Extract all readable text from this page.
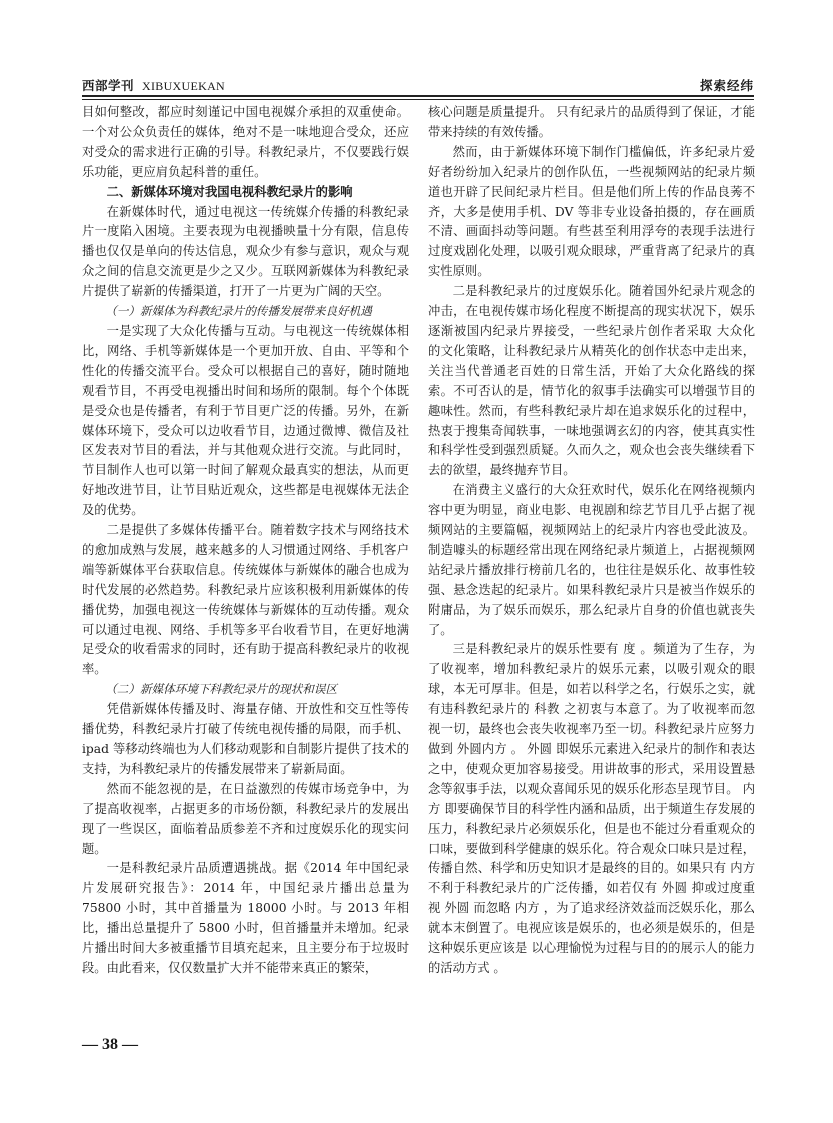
西部学刊 XIBUXUEKAN	探索经纬

目如何整改，都应时刻谨记中国电视媒介承担的双重使命。一个对公众负责任的媒体，绝对不是一味地迎合受众，还应对受众的需求进行正确的引导。科教纪录片，不仅要践行娱乐功能，更应肩负起科普的重任。

二、新媒体环境对我国电视科教纪录片的影响

在新媒体时代，通过电视这一传统媒介传播的科教纪录片一度陷入困境。主要表现为电视播映量十分有限，信息传播也仅仅是单向的传达信息，观众少有参与意识，观众与观众之间的信息交流更是少之又少。互联网新媒体为科教纪录片提供了崭新的传播渠道，打开了一片更为广阔的天空。

（一）新媒体为科教纪录片的传播发展带来良好机遇

一是实现了大众化传播与互动。与电视这一传统媒体相比，网络、手机等新媒体是一个更加开放、自由、平等和个性化的传播交流平台。受众可以根据自己的喜好，随时随地观看节目，不再受电视播出时间和场所的限制。每个个体既是受众也是传播者，有利于节目更广泛的传播。另外，在新媒体环境下，受众可以边收看节目，边通过微博、微信及社区发表对节目的看法，并与其他观众进行交流。与此同时，节目制作人也可以第一时间了解观众最真实的想法，从而更好地改进节目，让节目贴近观众，这些都是电视媒体无法企及的优势。

二是提供了多媒体传播平台。随着数字技术与网络技术的愈加成熟与发展，越来越多的人习惯通过网络、手机客户端等新媒体平台获取信息。传统媒体与新媒体的融合也成为时代发展的必然趋势。科教纪录片应该积极利用新媒体的传播优势，加强电视这一传统媒体与新媒体的互动传播。观众可以通过电视、网络、手机等多平台收看节目，在更好地满足受众的收看需求的同时，还有助于提高科教纪录片的收视率。

（二）新媒体环境下科教纪录片的现状和误区

凭借新媒体传播及时、海量存储、开放性和交互性等传播优势，科教纪录片打破了传统电视传播的局限，而手机、ipad 等移动终端也为人们移动观影和自制影片提供了技术的支持，为科教纪录片的传播发展带来了崭新局面。

然而不能忽视的是，在日益激烈的传媒市场竞争中，为了提高收视率，占据更多的市场份额，科教纪录片的发展出现了一些误区，面临着品质参差不齐和过度娱乐化的现实问题。

一是科教纪录片品质遭遇挑战。据《2014 年中国纪录片发展研究报告》：2014 年，中国纪录片播出总量为 75800 小时，其中首播量为 18000 小时。与 2013 年相比，播出总量提升了 5800 小时，但首播量并未增加。纪录片播出时间大多被重播节目填充起来，且主要分布于垃圾时段。由此看来，仅仅数量扩大并不能带来真正的繁荣，

核心问题是质量提升。 只有纪录片的品质得到了保证，才能带来持续的有效传播。

然而，由于新媒体环境下制作门槛偏低，许多纪录片爱好者纷纷加入纪录片的创作队伍，一些视频网站的纪录片频道也开辟了民间纪录片栏目。但是他们所上传的作品良莠不齐，大多是使用手机、DV 等非专业设备拍摄的，存在画质不清、画面抖动等问题。有些甚至利用浮夸的表现手法进行过度戏剧化处理，以吸引观众眼球，严重背离了纪录片的真实性原则。

二是科教纪录片的过度娱乐化。随着国外纪录片观念的冲击，在电视传媒市场化程度不断提高的现实状况下，娱乐逐渐被国内纪录片界接受，一些纪录片创作者采取 大众化 的文化策略，让科教纪录片从精英化的创作状态中走出来，关注当代普通老百姓的日常生活，开始了大众化路线的探索。不可否认的是，情节化的叙事手法确实可以增强节目的趣味性。然而，有些科教纪录片却在追求娱乐化的过程中，热衷于搜集奇闻轶事，一味地强调玄幻的内容，使其真实性和科学性受到强烈质疑。久而久之，观众也会丧失继续看下去的欲望，最终抛弃节目。

在消费主义盛行的大众狂欢时代，娱乐化在网络视频内容中更为明显，商业电影、电视剧和综艺节目几乎占据了视频网站的主要篇幅，视频网站上的纪录片内容也受此波及。制造噱头的标题经常出现在网络纪录片频道上，占据视频网站纪录片播放排行榜前几名的，也往往是娱乐化、故事性较强、悬念迭起的纪录片。如果科教纪录片只是被当作娱乐的附庸品，为了娱乐而娱乐，那么纪录片自身的价值也就丧失了。

三是科教纪录片的娱乐性要有 度 。频道为了生存，为了收视率，增加科教纪录片的娱乐元素，以吸引观众的眼球，本无可厚非。但是，如若以科学之名，行娱乐之实，就有违科教纪录片的 科教 之初衷与本意了。为了收视率而忽视一切，最终也会丧失收视率乃至一切。科教纪录片应努力做到 外圆内方 。 外圆 即娱乐元素进入纪录片的制作和表达之中，使观众更加容易接受。用讲故事的形式，采用设置悬念等叙事手法，以观众喜闻乐见的娱乐化形态呈现节目。 内方 即要确保节目的科学性内涵和品质，出于频道生存发展的压力，科教纪录片必须娱乐化，但是也不能过分看重观众的口味，要做到科学健康的娱乐化。符合观众口味只是过程，传播自然、科学和历史知识才是最终的目的。如果只有 内方 不利于科教纪录片的广泛传播，如若仅有 外圆 抑或过度重视 外圆 而忽略 内方 ，为了追求经济效益而泛娱乐化，那么就本末倒置了。电视应该是娱乐的，也必须是娱乐的，但是这种娱乐更应该是 以心理愉悦为过程与目的的展示人的能力的活动方式 。

— 38 —
